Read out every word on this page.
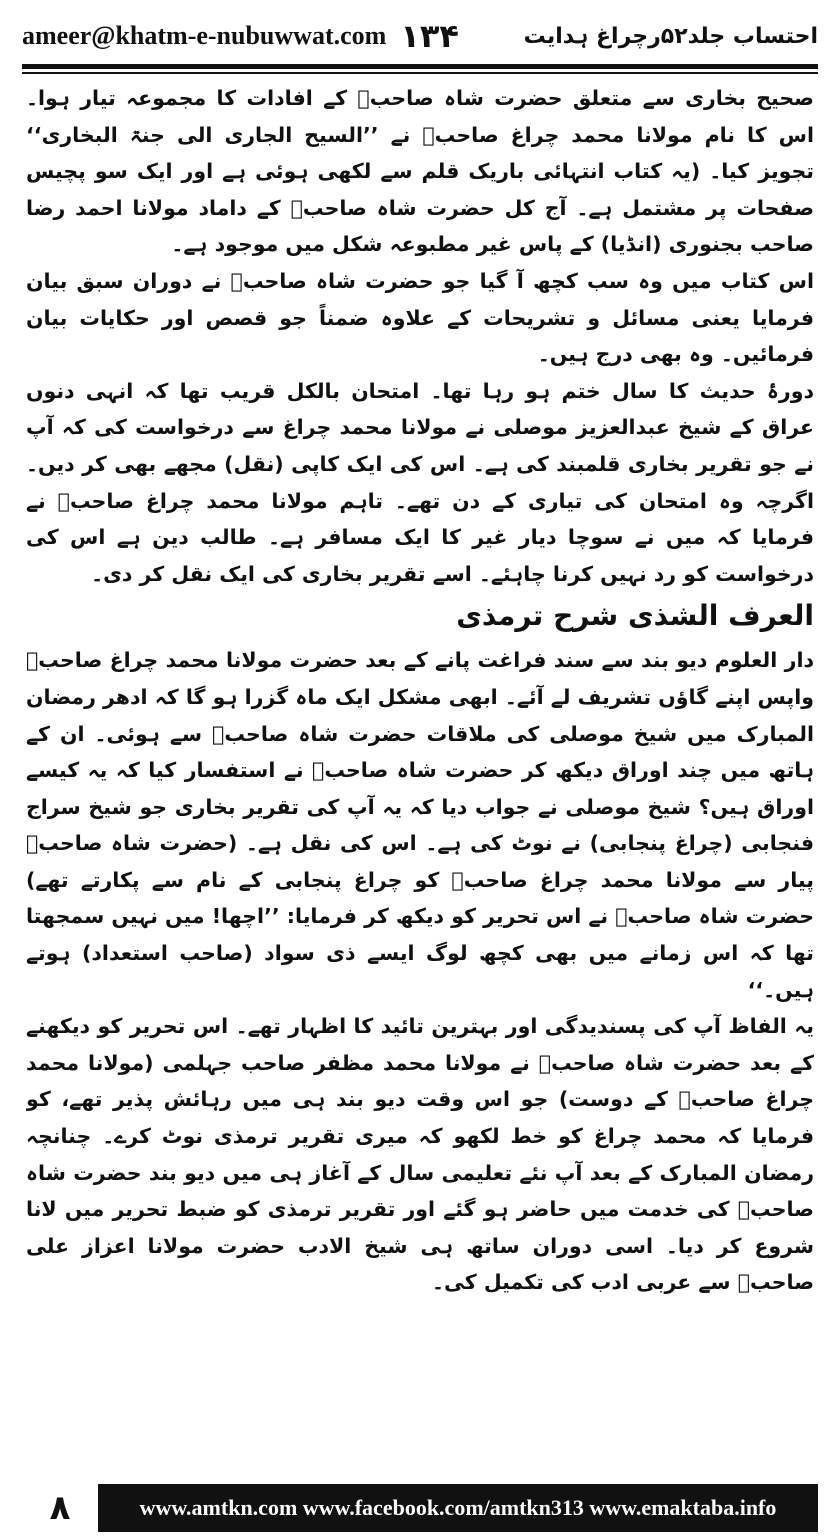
ameer@khatm-e-nubuwwat.com ۱۳۴	احتساب جلد۵۲رچراغ ہدایت

صحیح بخاری سے متعلق حضرت شاہ صاحبؒ کے افادات کا مجموعہ تیار ہوا۔ اس کا نام مولانا محمد چراغ صاحبؒ نے ’’السیح الجاری الی جنۃ البخاری‘‘ تجویز کیا۔ (یہ کتاب انتہائی باریک قلم سے لکھی ہوئی ہے اور ایک سو پچیس صفحات پر مشتمل ہے۔ آج کل حضرت شاہ صاحبؒ کے داماد مولانا احمد رضا صاحب بجنوری (انڈیا) کے پاس غیر مطبوعہ شکل میں موجود ہے۔

اس کتاب میں وہ سب کچھ آ گیا جو حضرت شاہ صاحبؒ نے دوران سبق بیان فرمایا یعنی مسائل و تشریحات کے علاوہ ضمناً جو قصص اور حکایات بیان فرمائیں۔ وہ بھی درج ہیں۔

دورۂ حدیث کا سال ختم ہو رہا تھا۔ امتحان بالکل قریب تھا کہ انہی دنوں عراق کے شیخ عبدالعزیز موصلی نے مولانا محمد چراغ سے درخواست کی کہ آپ نے جو تقریر بخاری قلمبند کی ہے۔ اس کی ایک کاپی (نقل) مجھے بھی کر دیں۔ اگرچہ وہ امتحان کی تیاری کے دن تھے۔ تاہم مولانا محمد چراغ صاحبؒ نے فرمایا کہ میں نے سوچا دیار غیر کا ایک مسافر ہے۔ طالب دین ہے اس کی درخواست کو رد نہیں کرنا چاہئے۔ اسے تقریر بخاری کی ایک نقل کر دی۔

العرف الشذی شرح ترمذی

دار العلوم دیو بند سے سند فراغت پانے کے بعد حضرت مولانا محمد چراغ صاحبؒ واپس اپنے گاؤں تشریف لے آئے۔ ابھی مشکل ایک ماہ گزرا ہو گا کہ ادھر رمضان المبارک میں شیخ موصلی کی ملاقات حضرت شاہ صاحبؒ سے ہوئی۔ ان کے ہاتھ میں چند اوراق دیکھ کر حضرت شاہ صاحبؒ نے استفسار کیا کہ یہ کیسے اوراق ہیں؟ شیخ موصلی نے جواب دیا کہ یہ آپ کی تقریر بخاری جو شیخ سراج فنجابی (چراغ پنجابی) نے نوٹ کی ہے۔ اس کی نقل ہے۔ (حضرت شاہ صاحبؒ پیار سے مولانا محمد چراغ صاحبؒ کو چراغ پنجابی کے نام سے پکارتے تھے) حضرت شاہ صاحبؒ نے اس تحریر کو دیکھ کر فرمایا: ’’اچھا! میں نہیں سمجھتا تھا کہ اس زمانے میں بھی کچھ لوگ ایسے ذی سواد (صاحب استعداد) ہوتے ہیں۔‘‘

یہ الفاظ آپ کی پسندیدگی اور بہترین تائید کا اظہار تھے۔ اس تحریر کو دیکھنے کے بعد حضرت شاہ صاحبؒ نے مولانا محمد مظفر صاحب جہلمی (مولانا محمد چراغ صاحبؒ کے دوست) جو اس وقت دیو بند ہی میں رہائش پذیر تھے، کو فرمایا کہ محمد چراغ کو خط لکھو کہ میری تقریر ترمذی نوٹ کرے۔ چنانچہ رمضان المبارک کے بعد آپ نئے تعلیمی سال کے آغاز ہی میں دیو بند حضرت شاہ صاحبؒ کی خدمت میں حاضر ہو گئے اور تقریر ترمذی کو ضبط تحریر میں لانا شروع کر دیا۔ اسی دوران ساتھ ہی شیخ الادب حضرت مولانا اعزاز علی صاحبؒ سے عربی ادب کی تکمیل کی۔

۸	www.amtkn.com www.facebook.com/amtkn313 www.emaktaba.info
